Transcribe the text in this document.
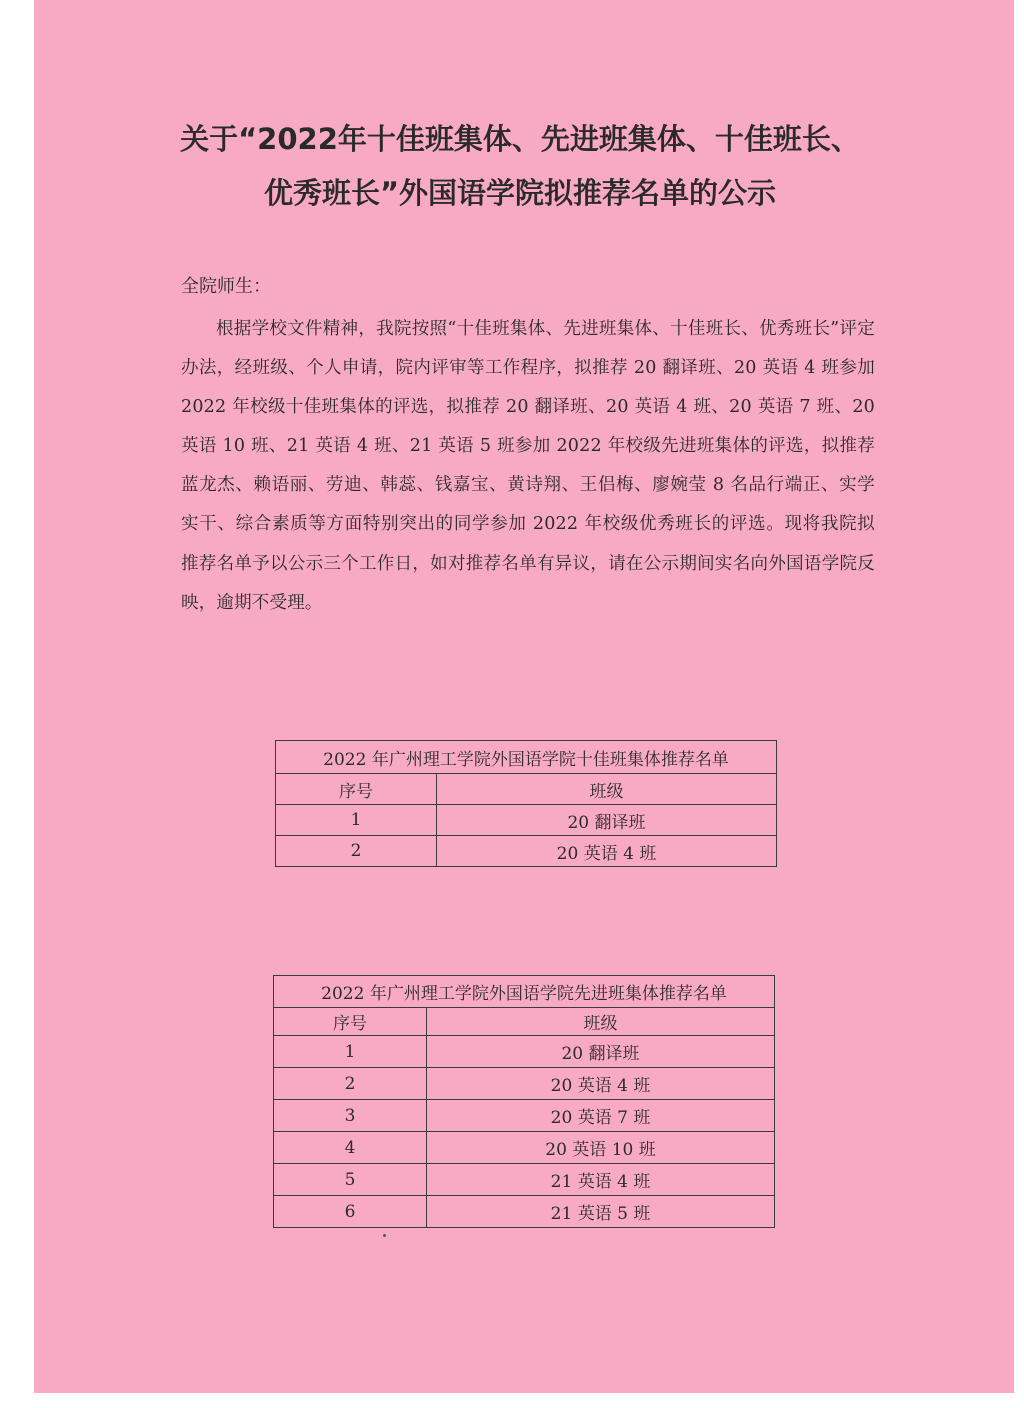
关于“2022年十佳班集体、先进班集体、十佳班长、
优秀班长”外国语学院拟推荐名单的公示

全院师生：

根据学校文件精神，我院按照“十佳班集体、先进班集体、十佳班长、优秀班长”评定办法，经班级、个人申请，院内评审等工作程序，拟推荐 20 翻译班、20 英语 4 班参加 2022 年校级十佳班集体的评选，拟推荐 20 翻译班、20 英语 4 班、20 英语 7 班、20 英语 10 班、21 英语 4 班、21 英语 5 班参加 2022 年校级先进班集体的评选，拟推荐蓝龙杰、赖语丽、劳迪、韩蕊、钱嘉宝、黄诗翔、王侣梅、廖婉莹 8 名品行端正、实学实干、综合素质等方面特别突出的同学参加 2022 年校级优秀班长的评选。现将我院拟推荐名单予以公示三个工作日，如对推荐名单有异议，请在公示期间实名向外国语学院反映，逾期不受理。

2022 年广州理工学院外国语学院十佳班集体推荐名单	
序号	班级
1	20 翻译班
2	20 英语 4 班
2022 年广州理工学院外国语学院先进班集体推荐名单	
序号	班级
1	20 翻译班
2	20 英语 4 班
3	20 英语 7 班
4	20 英语 10 班
5	21 英语 4 班
6	21 英语 5 班
